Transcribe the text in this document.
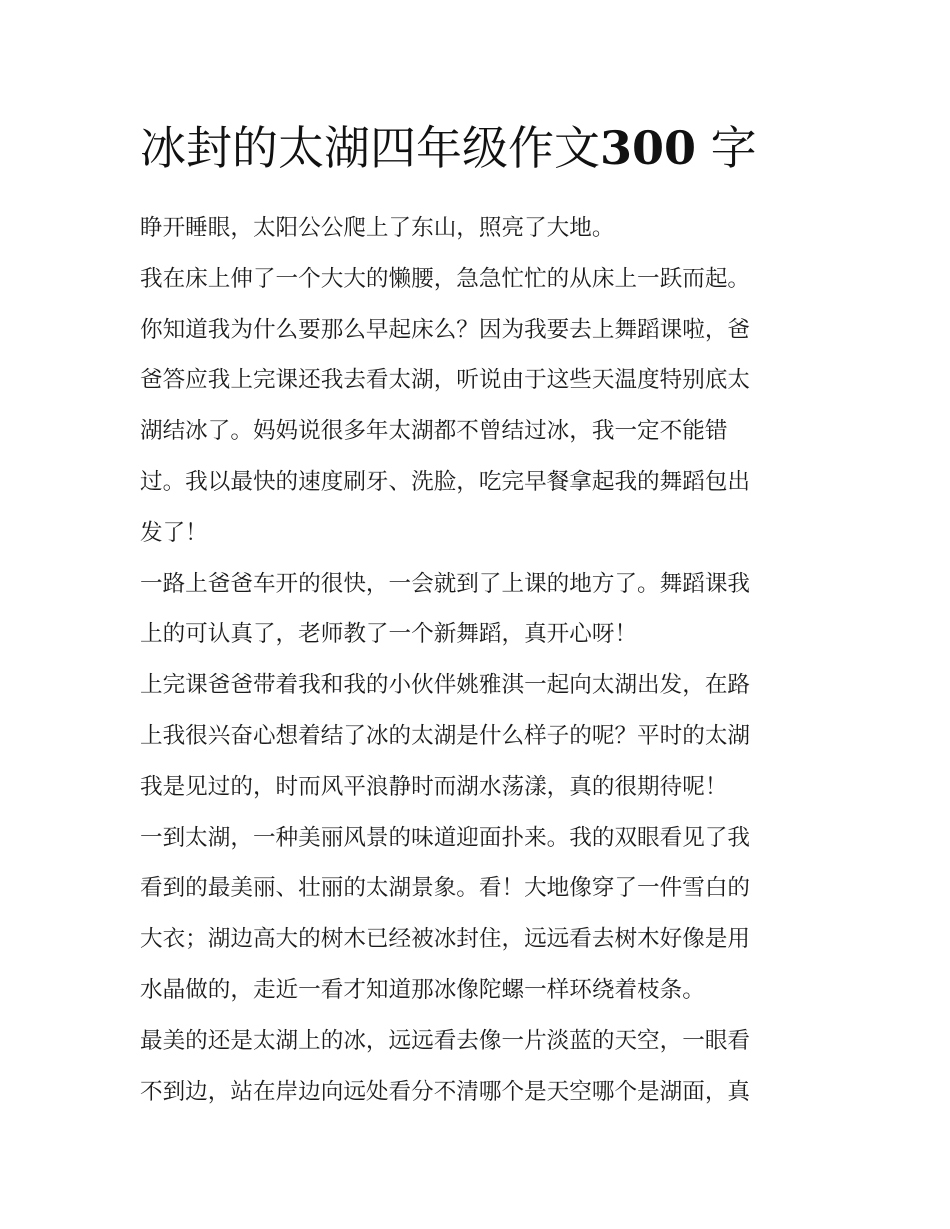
冰封的太湖四年级作文300 字

睁开睡眼，太阳公公爬上了东山，照亮了大地。

我在床上伸了一个大大的懒腰，急急忙忙的从床上一跃而起。
你知道我为什么要那么早起床么？因为我要去上舞蹈课啦，爸
爸答应我上完课还我去看太湖，听说由于这些天温度特别底太
湖结冰了。妈妈说很多年太湖都不曾结过冰，我一定不能错
过。我以最快的速度刷牙、洗脸，吃完早餐拿起我的舞蹈包出
发了！

一路上爸爸车开的很快，一会就到了上课的地方了。舞蹈课我
上的可认真了，老师教了一个新舞蹈，真开心呀！

上完课爸爸带着我和我的小伙伴姚雅淇一起向太湖出发，在路
上我很兴奋心想着结了冰的太湖是什么样子的呢？平时的太湖
我是见过的，时而风平浪静时而湖水荡漾，真的很期待呢！

一到太湖，一种美丽风景的味道迎面扑来。我的双眼看见了我
看到的最美丽、壮丽的太湖景象。看！大地像穿了一件雪白的
大衣；湖边高大的树木已经被冰封住，远远看去树木好像是用
水晶做的，走近一看才知道那冰像陀螺一样环绕着枝条。

最美的还是太湖上的冰，远远看去像一片淡蓝的天空，一眼看
不到边，站在岸边向远处看分不清哪个是天空哪个是湖面，真
